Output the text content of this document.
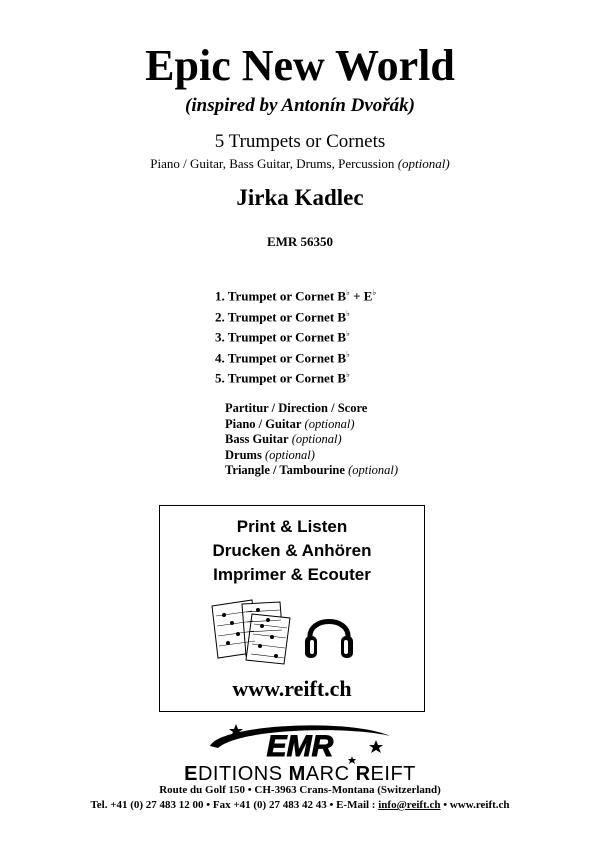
Epic New World
(inspired by Antonín Dvořák)
5 Trumpets or Cornets
Piano / Guitar, Bass Guitar, Drums, Percussion (optional)
Jirka Kadlec
EMR 56350
1. Trumpet or Cornet B♭ + E♭
2. Trumpet or Cornet B♭
3. Trumpet or Cornet B♭
4. Trumpet or Cornet B♭
5. Trumpet or Cornet B♭
Partitur / Direction / Score
Piano / Guitar (optional)
Bass Guitar (optional)
Drums (optional)
Triangle / Tambourine (optional)
Print & Listen
Drucken & Anhören
Imprimer & Ecouter
www.reift.ch
EMR
EDITIONS MARC REIFT
Route du Golf 150 • CH-3963 Crans-Montana (Switzerland)
Tel. +41 (0) 27 483 12 00 • Fax +41 (0) 27 483 42 43 • E-Mail : info@reift.ch • www.reift.ch
